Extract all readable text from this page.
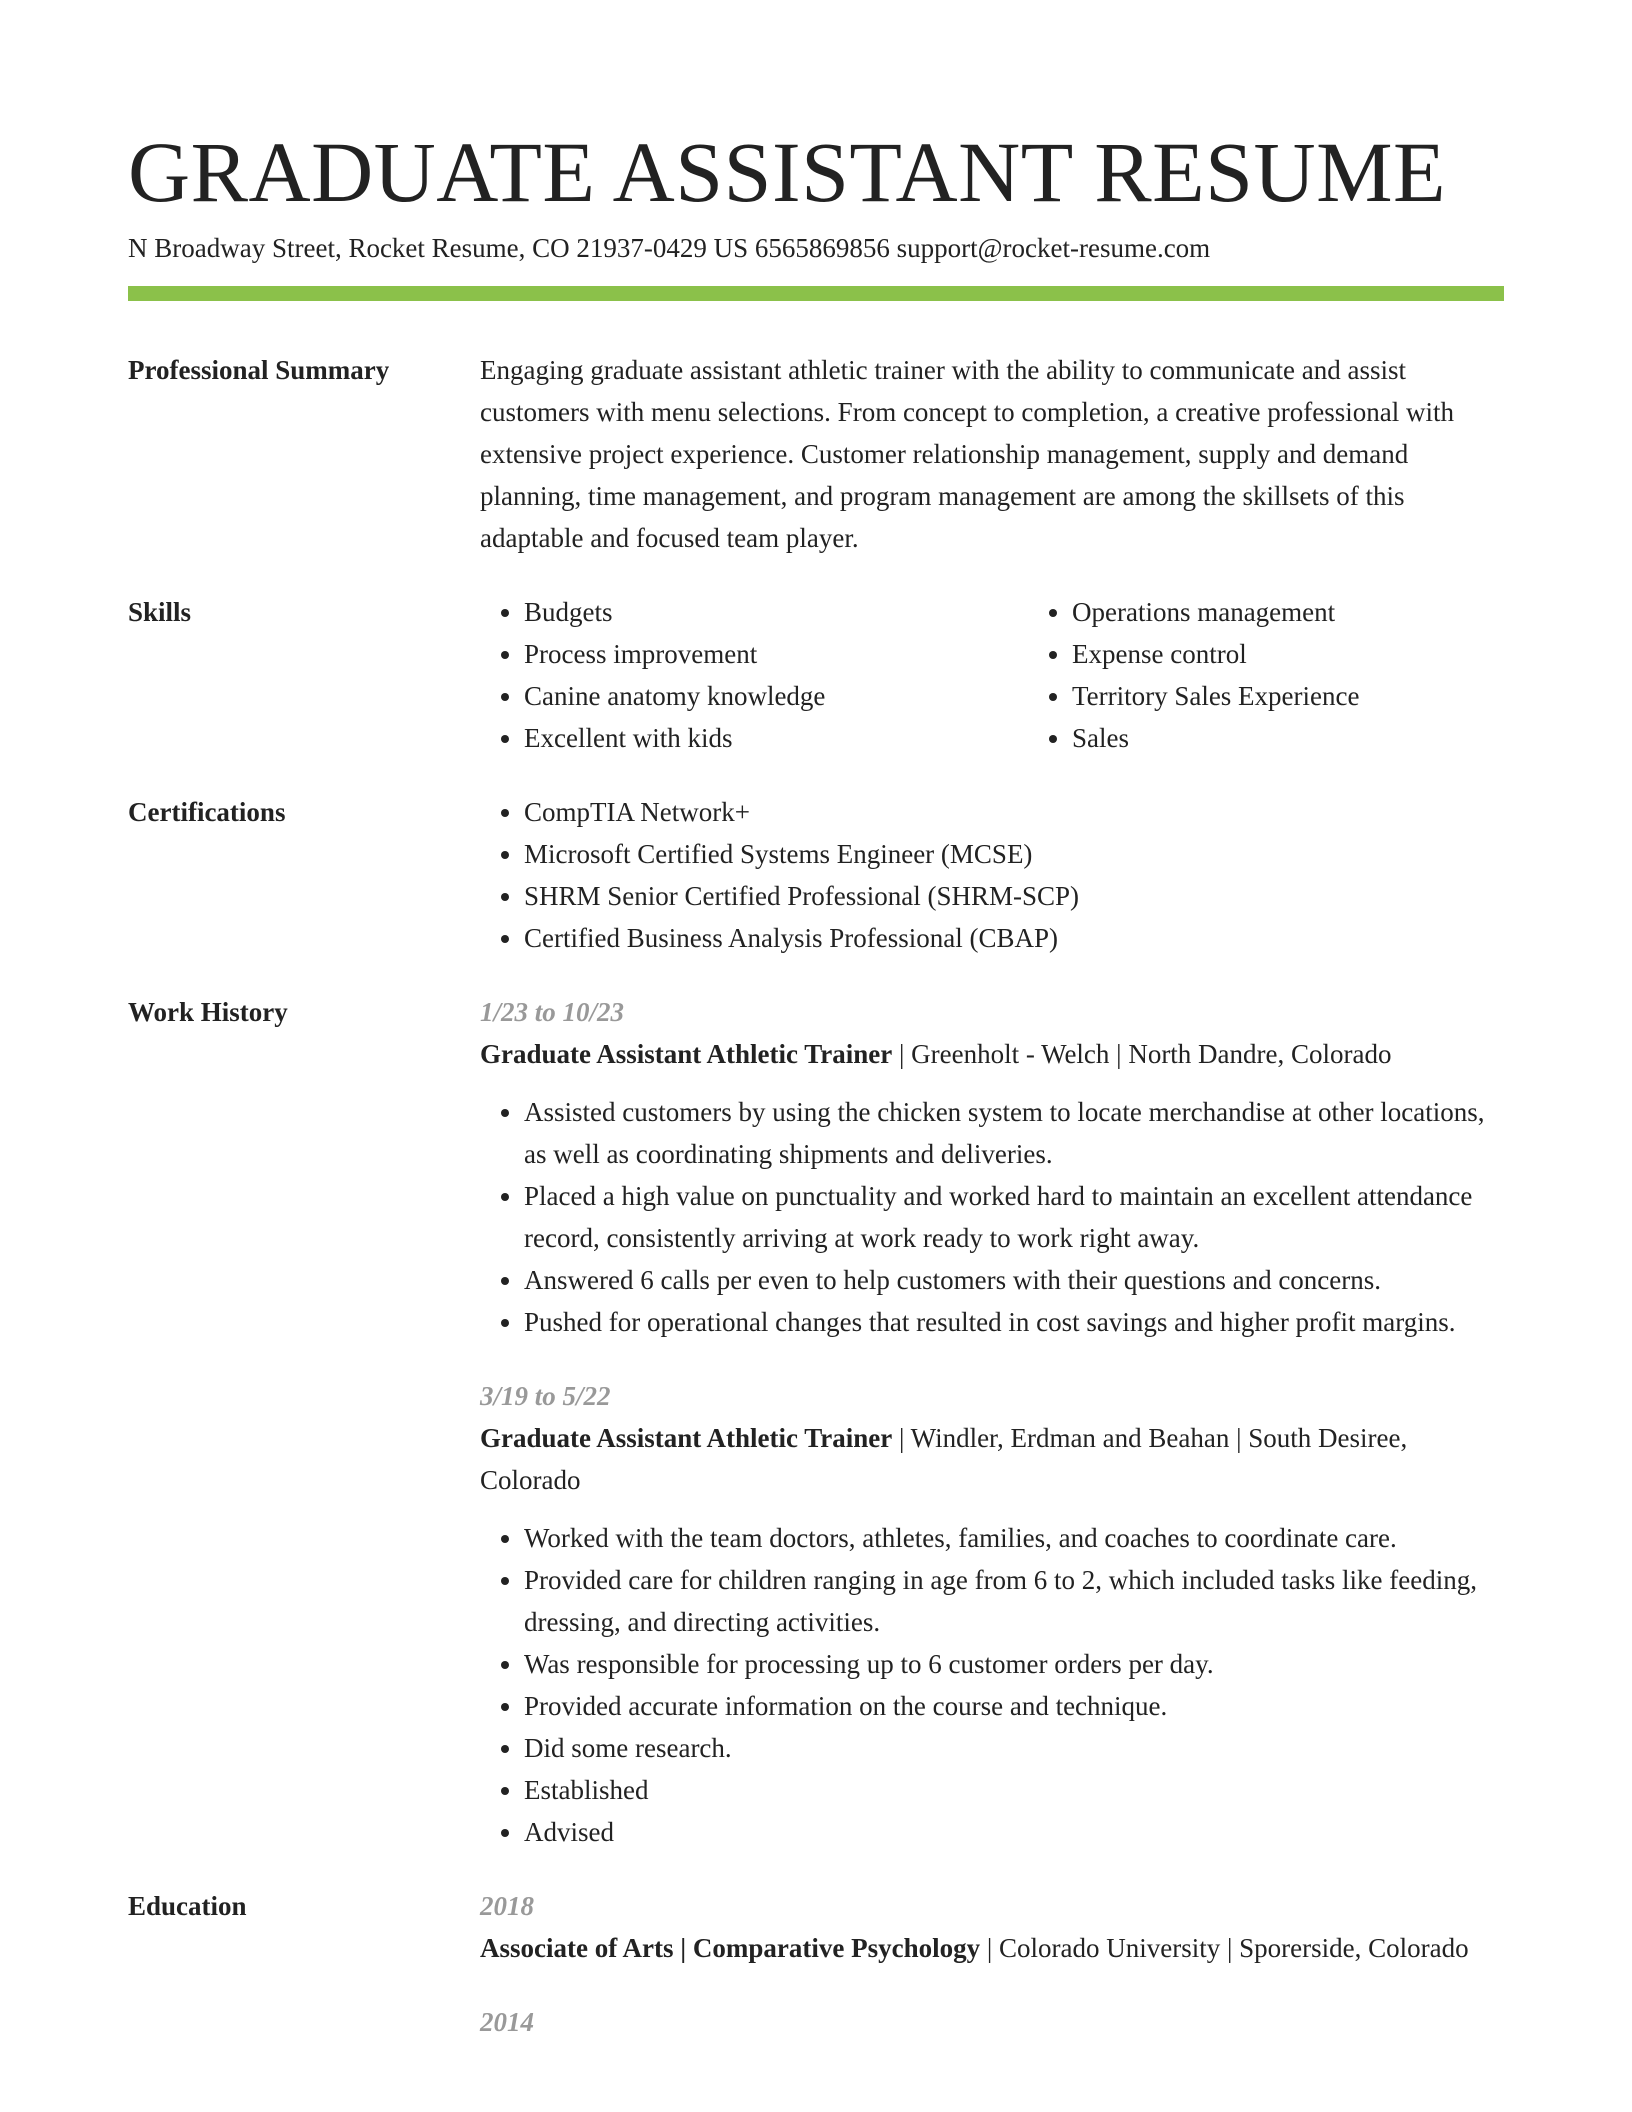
GRADUATE ASSISTANT RESUME
N Broadway Street, Rocket Resume, CO 21937-0429 US 6565869856 support@rocket-resume.com
Professional Summary	Engaging graduate assistant athletic trainer with the ability to communicate and assist customers with menu selections. From concept to completion, a creative professional with extensive project experience. Customer relationship management, supply and demand planning, time management, and program management are among the skillsets of this adaptable and focused team player.

Skills	• Budgets
• Process improvement
• Canine anatomy knowledge
• Excellent with kids
• Operations management
• Expense control
• Territory Sales Experience
• Sales
Certifications	• CompTIA Network+
• Microsoft Certified Systems Engineer (MCSE)
• SHRM Senior Certified Professional (SHRM-SCP)
• Certified Business Analysis Professional (CBAP)
Work History	1/23 to 10/23
Graduate Assistant Athletic Trainer | Greenholt - Welch | North Dandre, Colorado
• Assisted customers by using the chicken system to locate merchandise at other locations, as well as coordinating shipments and deliveries.
• Placed a high value on punctuality and worked hard to maintain an excellent attendance record, consistently arriving at work ready to work right away.
• Answered 6 calls per even to help customers with their questions and concerns.
• Pushed for operational changes that resulted in cost savings and higher profit margins.
3/19 to 5/22
Graduate Assistant Athletic Trainer | Windler, Erdman and Beahan | South Desiree, Colorado
• Worked with the team doctors, athletes, families, and coaches to coordinate care.
• Provided care for children ranging in age from 6 to 2, which included tasks like feeding, dressing, and directing activities.
• Was responsible for processing up to 6 customer orders per day.
• Provided accurate information on the course and technique.
• Did some research.
• Established
• Advised
Education	2018
Associate of Arts | Comparative Psychology | Colorado University | Sporerside, Colorado
2014
